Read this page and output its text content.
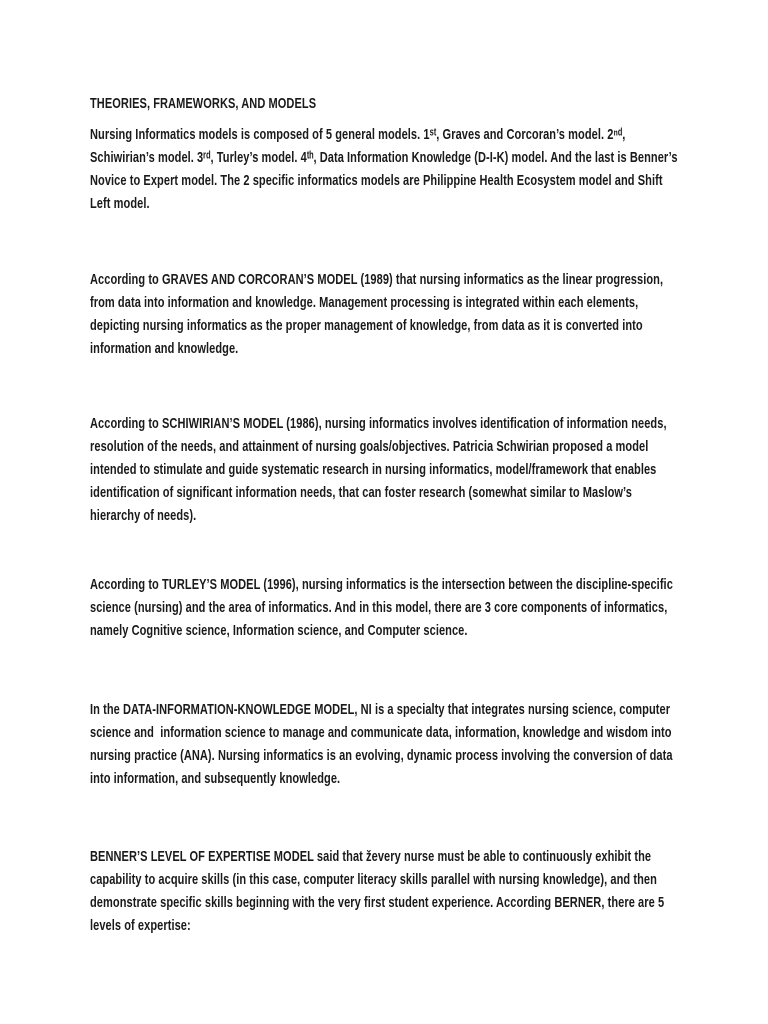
THEORIES, FRAMEWORKS, AND MODELS

Nursing Informatics models is composed of 5 general models. 1ˢᵗ, Graves and Corcoran’s model. 2ⁿᵈ, Schiwirian’s model. 3ʳᵈ, Turley’s model. 4ᵗʰ, Data Information Knowledge (D-I-K) model. And the last is Benner’s Novice to Expert model. The 2 specific informatics models are Philippine Health Ecosystem model and Shift Left model.

According to GRAVES AND CORCORAN’S MODEL (1989) that nursing informatics as the linear progression, from data into information and knowledge. Management processing is integrated within each elements, depicting nursing informatics as the proper management of knowledge, from data as it is converted into information and knowledge.

According to SCHIWIRIAN’S MODEL (1986), nursing informatics involves identification of information needs, resolution of the needs, and attainment of nursing goals/objectives. Patricia Schwirian proposed a model intended to stimulate and guide systematic research in nursing informatics, model/framework that enables identification of significant information needs, that can foster research (somewhat similar to Maslow’s hierarchy of needs).

According to TURLEY’S MODEL (1996), nursing informatics is the intersection between the discipline-specific science (nursing) and the area of informatics. And in this model, there are 3 core components of informatics, namely Cognitive science, Information science, and Computer science.

In the DATA-INFORMATION-KNOWLEDGE MODEL, NI is a specialty that integrates nursing science, computer science and  information science to manage and communicate data, information, knowledge and wisdom into nursing practice (ANA). Nursing informatics is an evolving, dynamic process involving the conversion of data into information, and subsequently knowledge.

BENNER’S LEVEL OF EXPERTISE MODEL said that ževery nurse must be able to continuously exhibit the capability to acquire skills (in this case, computer literacy skills parallel with nursing knowledge), and then demonstrate specific skills beginning with the very first student experience. According BERNER, there are 5 levels of expertise:
